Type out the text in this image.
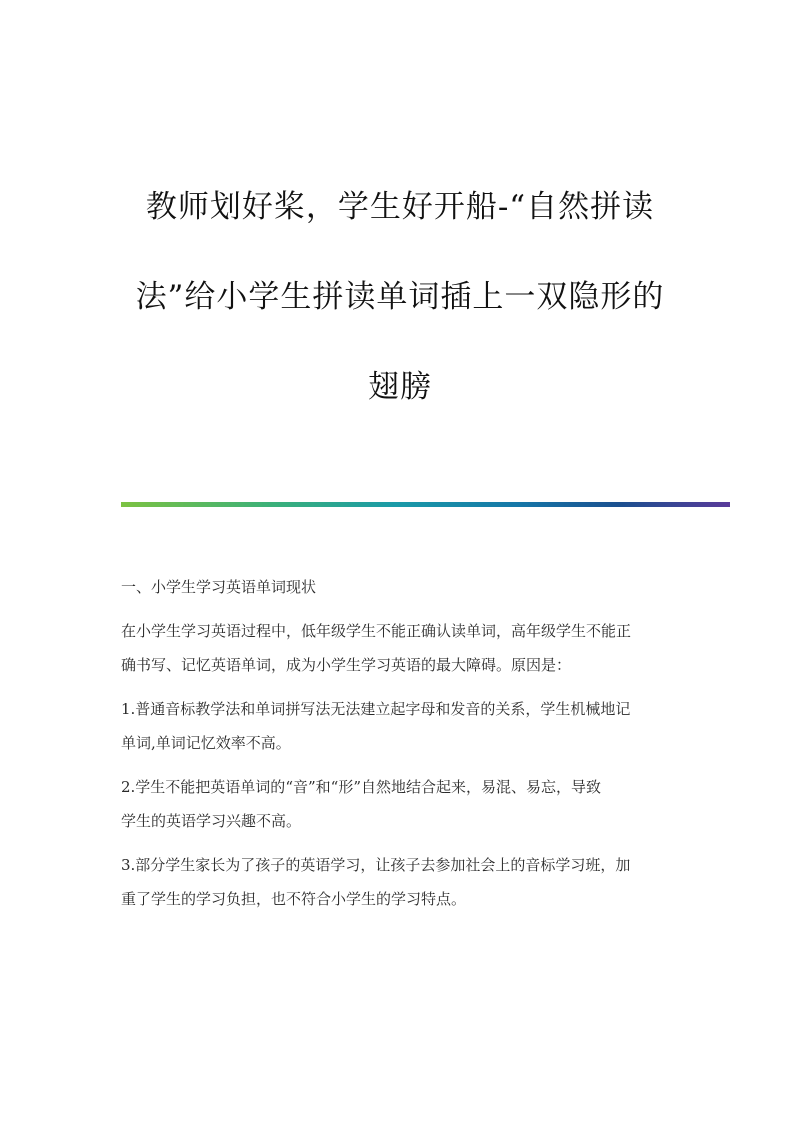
教师划好桨，学生好开船-“自然拼读
法”给小学生拼读单词插上一双隐形的
翅膀
一、小学生学习英语单词现状

在小学生学习英语过程中，低年级学生不能正确认读单词，高年级学生不能正
确书写、记忆英语单词，成为小学生学习英语的最大障碍。原因是：

1.普通音标教学法和单词拼写法无法建立起字母和发音的关系，学生机械地记
单词,单词记忆效率不高。

2.学生不能把英语单词的“音”和“形”自然地结合起来，易混、易忘，导致
学生的英语学习兴趣不高。

3.部分学生家长为了孩子的英语学习，让孩子去参加社会上的音标学习班，加
重了学生的学习负担，也不符合小学生的学习特点。
